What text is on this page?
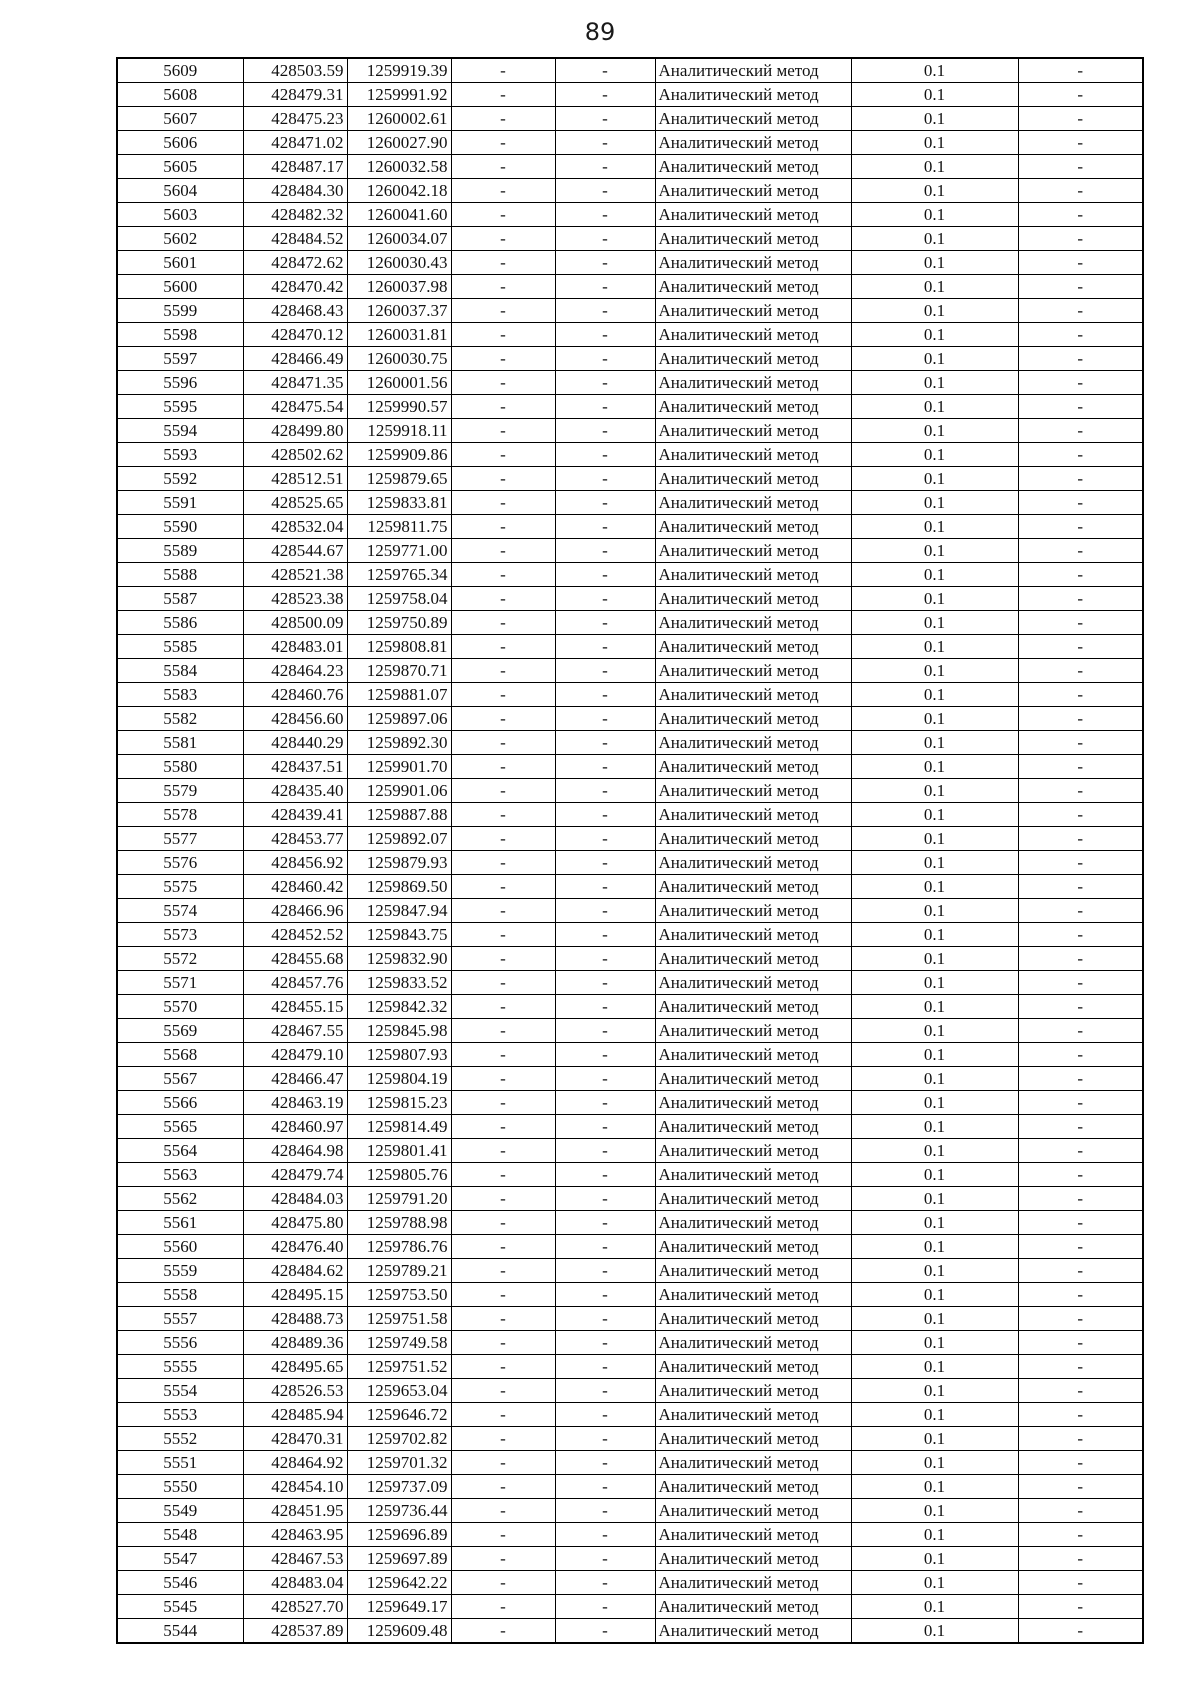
89
5609	428503.59	1259919.39	-	-	Аналитический метод	0.1	-
5608	428479.31	1259991.92	-	-	Аналитический метод	0.1	-
5607	428475.23	1260002.61	-	-	Аналитический метод	0.1	-
5606	428471.02	1260027.90	-	-	Аналитический метод	0.1	-
5605	428487.17	1260032.58	-	-	Аналитический метод	0.1	-
5604	428484.30	1260042.18	-	-	Аналитический метод	0.1	-
5603	428482.32	1260041.60	-	-	Аналитический метод	0.1	-
5602	428484.52	1260034.07	-	-	Аналитический метод	0.1	-
5601	428472.62	1260030.43	-	-	Аналитический метод	0.1	-
5600	428470.42	1260037.98	-	-	Аналитический метод	0.1	-
5599	428468.43	1260037.37	-	-	Аналитический метод	0.1	-
5598	428470.12	1260031.81	-	-	Аналитический метод	0.1	-
5597	428466.49	1260030.75	-	-	Аналитический метод	0.1	-
5596	428471.35	1260001.56	-	-	Аналитический метод	0.1	-
5595	428475.54	1259990.57	-	-	Аналитический метод	0.1	-
5594	428499.80	1259918.11	-	-	Аналитический метод	0.1	-
5593	428502.62	1259909.86	-	-	Аналитический метод	0.1	-
5592	428512.51	1259879.65	-	-	Аналитический метод	0.1	-
5591	428525.65	1259833.81	-	-	Аналитический метод	0.1	-
5590	428532.04	1259811.75	-	-	Аналитический метод	0.1	-
5589	428544.67	1259771.00	-	-	Аналитический метод	0.1	-
5588	428521.38	1259765.34	-	-	Аналитический метод	0.1	-
5587	428523.38	1259758.04	-	-	Аналитический метод	0.1	-
5586	428500.09	1259750.89	-	-	Аналитический метод	0.1	-
5585	428483.01	1259808.81	-	-	Аналитический метод	0.1	-
5584	428464.23	1259870.71	-	-	Аналитический метод	0.1	-
5583	428460.76	1259881.07	-	-	Аналитический метод	0.1	-
5582	428456.60	1259897.06	-	-	Аналитический метод	0.1	-
5581	428440.29	1259892.30	-	-	Аналитический метод	0.1	-
5580	428437.51	1259901.70	-	-	Аналитический метод	0.1	-
5579	428435.40	1259901.06	-	-	Аналитический метод	0.1	-
5578	428439.41	1259887.88	-	-	Аналитический метод	0.1	-
5577	428453.77	1259892.07	-	-	Аналитический метод	0.1	-
5576	428456.92	1259879.93	-	-	Аналитический метод	0.1	-
5575	428460.42	1259869.50	-	-	Аналитический метод	0.1	-
5574	428466.96	1259847.94	-	-	Аналитический метод	0.1	-
5573	428452.52	1259843.75	-	-	Аналитический метод	0.1	-
5572	428455.68	1259832.90	-	-	Аналитический метод	0.1	-
5571	428457.76	1259833.52	-	-	Аналитический метод	0.1	-
5570	428455.15	1259842.32	-	-	Аналитический метод	0.1	-
5569	428467.55	1259845.98	-	-	Аналитический метод	0.1	-
5568	428479.10	1259807.93	-	-	Аналитический метод	0.1	-
5567	428466.47	1259804.19	-	-	Аналитический метод	0.1	-
5566	428463.19	1259815.23	-	-	Аналитический метод	0.1	-
5565	428460.97	1259814.49	-	-	Аналитический метод	0.1	-
5564	428464.98	1259801.41	-	-	Аналитический метод	0.1	-
5563	428479.74	1259805.76	-	-	Аналитический метод	0.1	-
5562	428484.03	1259791.20	-	-	Аналитический метод	0.1	-
5561	428475.80	1259788.98	-	-	Аналитический метод	0.1	-
5560	428476.40	1259786.76	-	-	Аналитический метод	0.1	-
5559	428484.62	1259789.21	-	-	Аналитический метод	0.1	-
5558	428495.15	1259753.50	-	-	Аналитический метод	0.1	-
5557	428488.73	1259751.58	-	-	Аналитический метод	0.1	-
5556	428489.36	1259749.58	-	-	Аналитический метод	0.1	-
5555	428495.65	1259751.52	-	-	Аналитический метод	0.1	-
5554	428526.53	1259653.04	-	-	Аналитический метод	0.1	-
5553	428485.94	1259646.72	-	-	Аналитический метод	0.1	-
5552	428470.31	1259702.82	-	-	Аналитический метод	0.1	-
5551	428464.92	1259701.32	-	-	Аналитический метод	0.1	-
5550	428454.10	1259737.09	-	-	Аналитический метод	0.1	-
5549	428451.95	1259736.44	-	-	Аналитический метод	0.1	-
5548	428463.95	1259696.89	-	-	Аналитический метод	0.1	-
5547	428467.53	1259697.89	-	-	Аналитический метод	0.1	-
5546	428483.04	1259642.22	-	-	Аналитический метод	0.1	-
5545	428527.70	1259649.17	-	-	Аналитический метод	0.1	-
5544	428537.89	1259609.48	-	-	Аналитический метод	0.1	-
